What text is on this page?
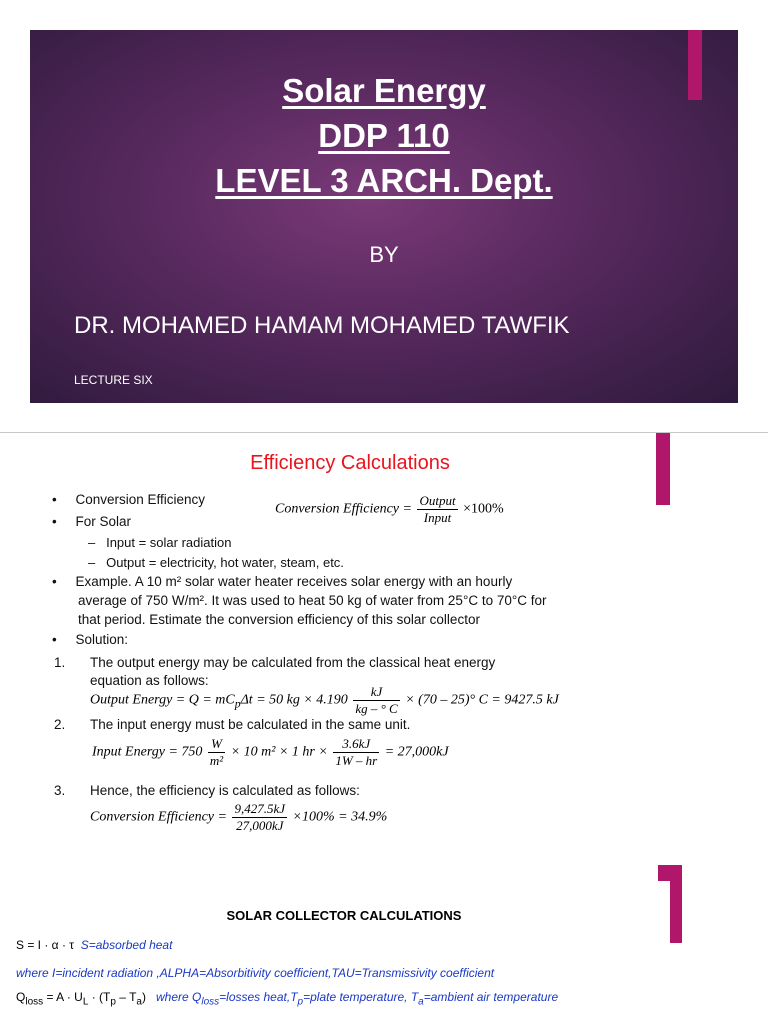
Solar Energy
DDP 110
LEVEL 3 ARCH. Dept.
BY
DR. MOHAMED HAMAM MOHAMED TAWFIK
LECTURE SIX
Efficiency Calculations
•     Conversion Efficiency
•     For Solar
–   Input = solar radiation
–   Output = electricity, hot water, steam, etc.
Conversion Efficiency = $\frac{\text{Output}}{\text{Input}} \times 100\%$
•     Example. A 10 m² solar water heater receives solar energy with an hourly
average of 750 W/m². It was used to heat 50 kg of water from 25°C to 70°C for
that period. Estimate the conversion efficiency of this solar collector
•     Solution:
1. The output energy may be calculated from the classical heat energy
equation as follows:
Output Energy = $Q = mC_p\Delta t = 50$ kg × $4.190 \frac{kJ}{kg - ^\circ C} \times (70 - 25)^\circ$ C = 9427.5 kJ
2. The input energy must be calculated in the same unit.
Input Energy = $750 \frac{W}{\text{m²}} \times 10$ m² × 1 hr × $\frac{3.6kJ}{1W - hr} = 27,000kJ$
3. Hence, the efficiency is calculated as follows:
Conversion Efficiency = $\frac{9,427.5kJ}{27,000kJ} \times 100\% = 34.9\%$
SOLAR COLLECTOR CALCULATIONS
S = I · α · τ S=absorbed heat
where I=incident radiation ,ALPHA=Absorbitivity coefficient,TAU=Transmissivity coefficient
$Q_{loss} = A \cdot U_L \cdot (T_p - T_a)$ where $Q_{loss}=losses$ $heat,T_p=plate$ temperature, $T_a=ambient$ air temperature
